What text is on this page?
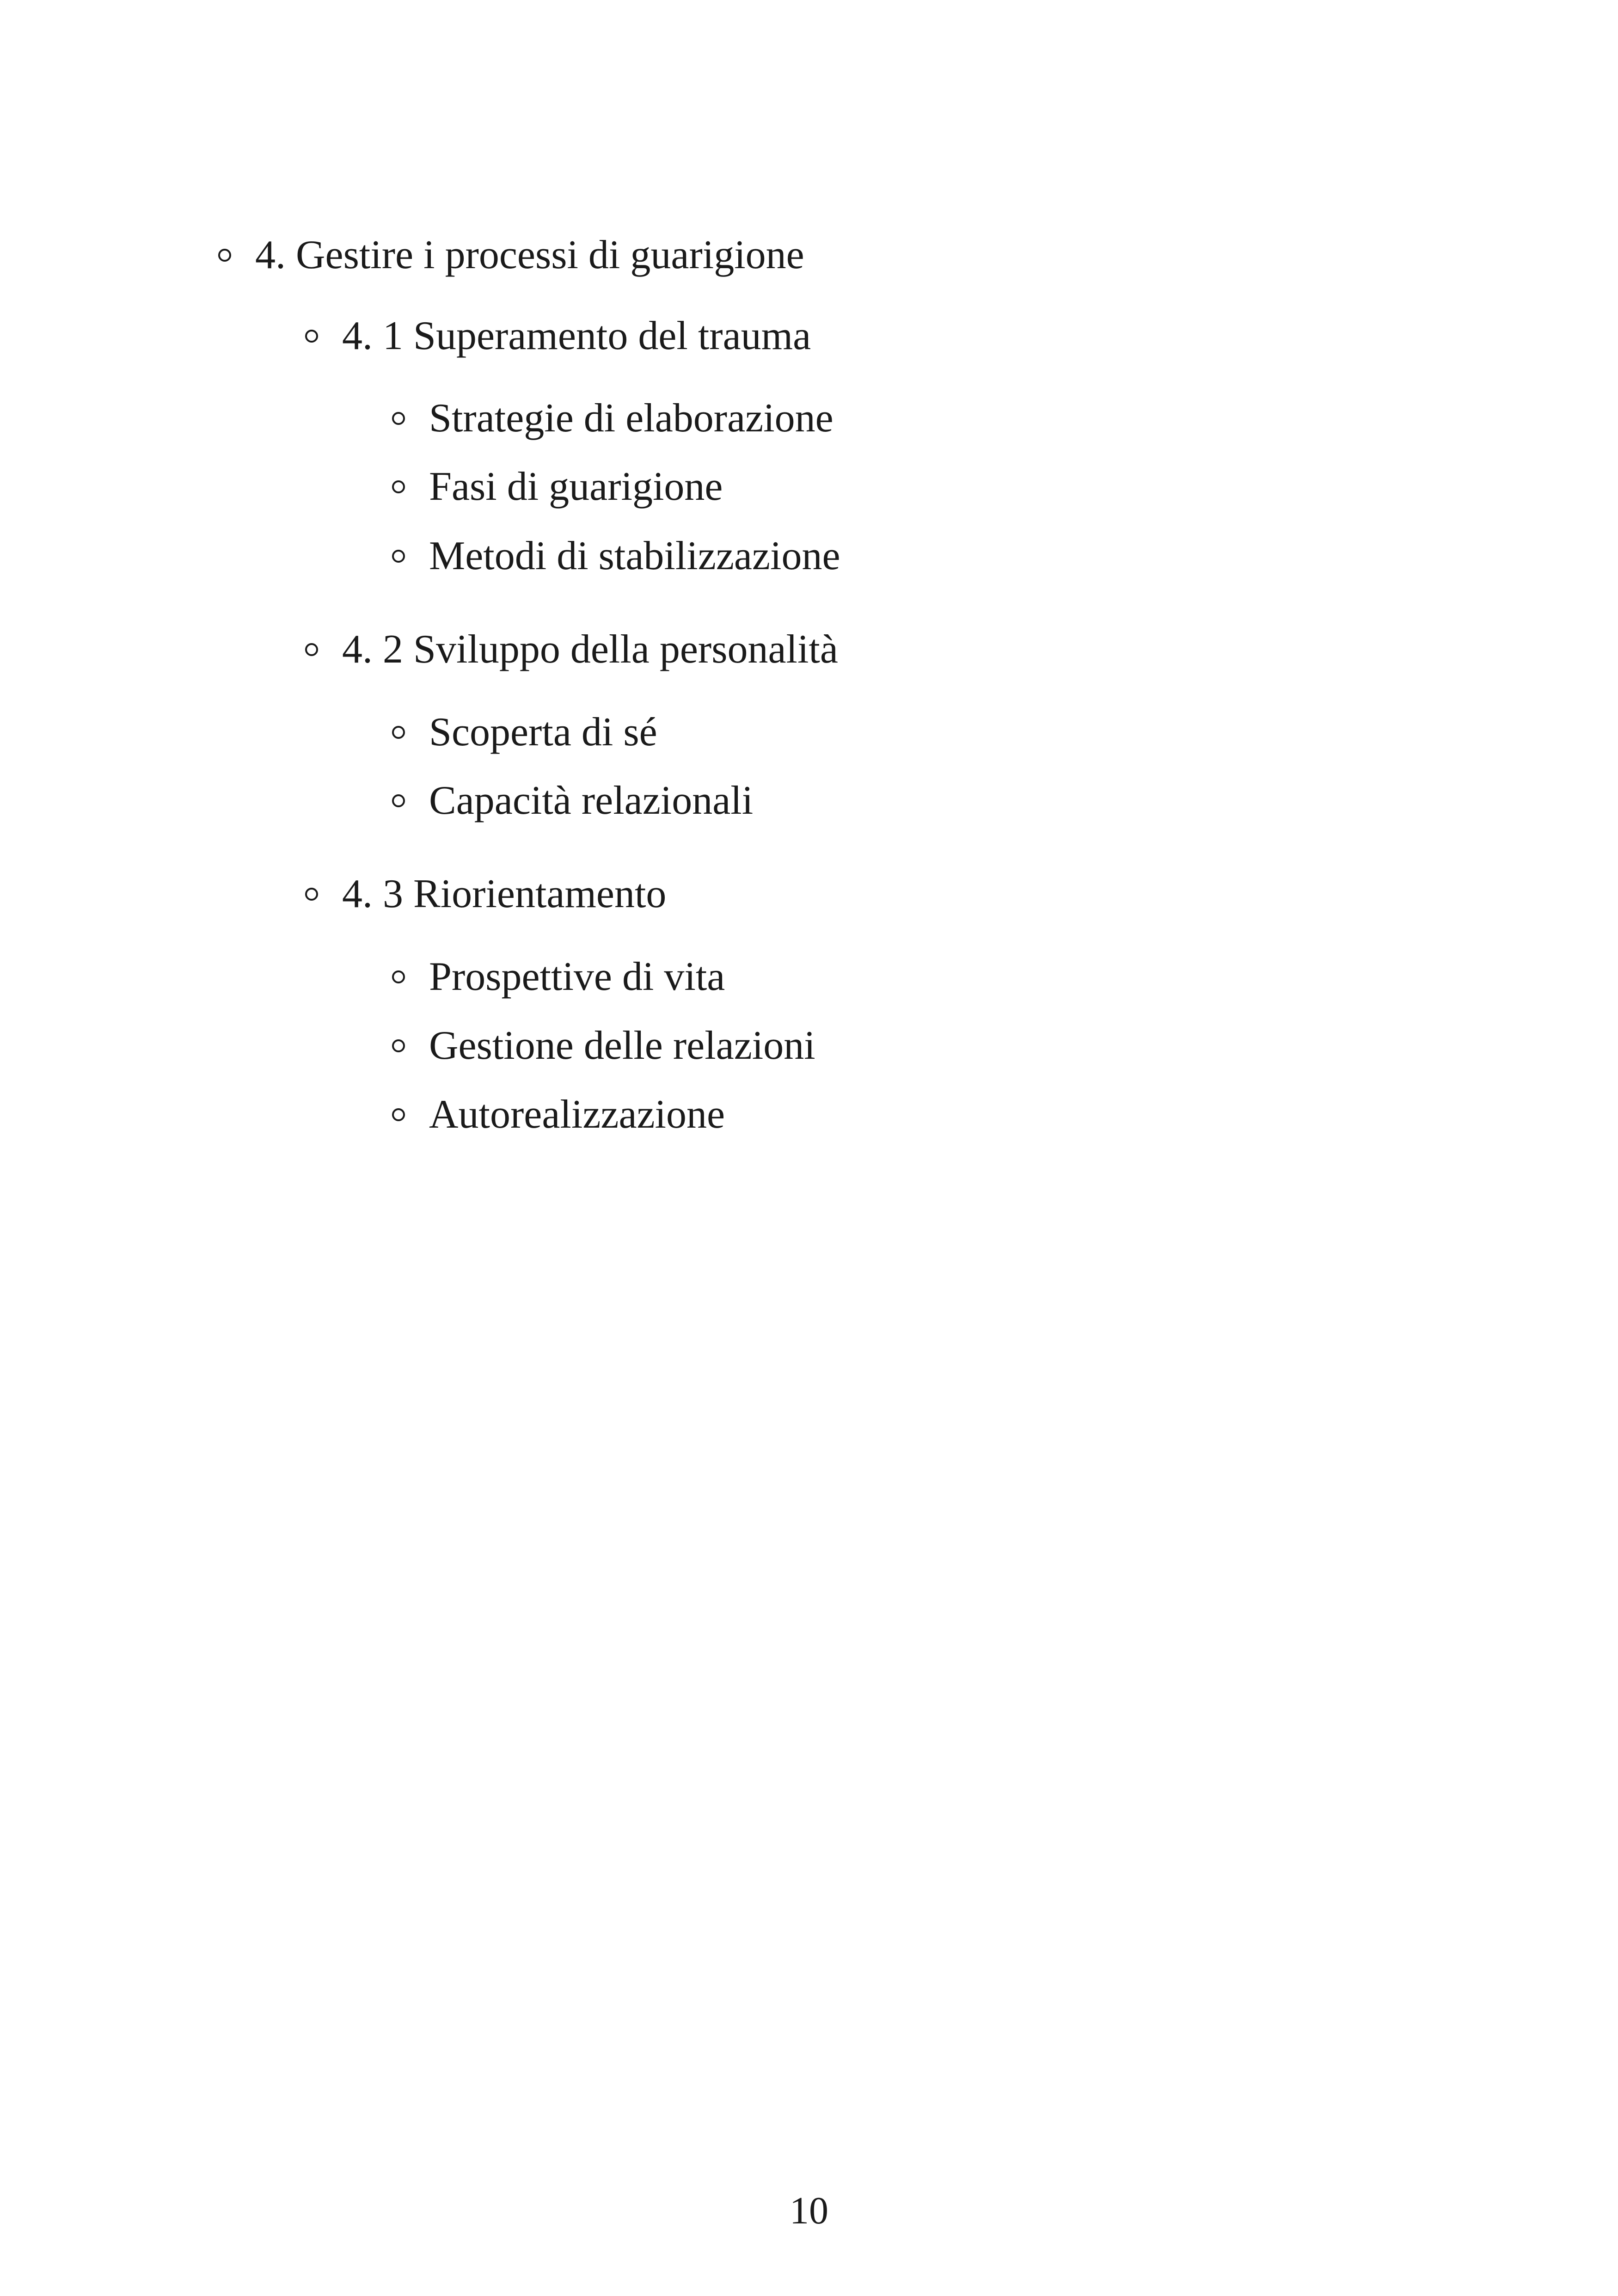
4. Gestire i processi di guarigione
4. 1 Superamento del trauma
Strategie di elaborazione
Fasi di guarigione
Metodi di stabilizzazione
4. 2 Sviluppo della personalità
Scoperta di sé
Capacità relazionali
4. 3 Riorientamento
Prospettive di vita
Gestione delle relazioni
Autorealizzazione
10
